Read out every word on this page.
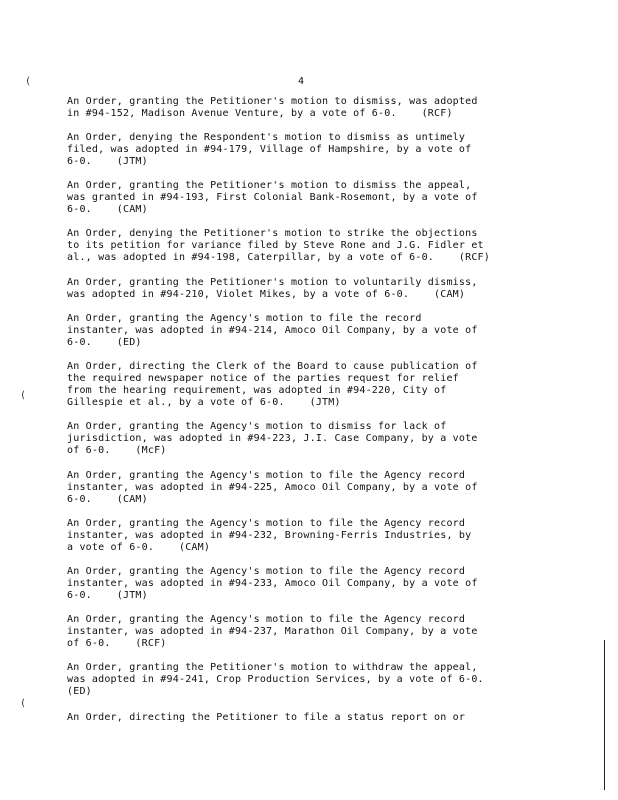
(
(
(
4
An Order, granting the Petitioner's motion to dismiss, was adopted
in #94-152, Madison Avenue Venture, by a vote of 6-0.    (RCF)
An Order, denying the Respondent's motion to dismiss as untimely
filed, was adopted in #94-179, Village of Hampshire, by a vote of
6-0.    (JTM)
An Order, granting the Petitioner's motion to dismiss the appeal,
was granted in #94-193, First Colonial Bank-Rosemont, by a vote of
6-0.    (CAM)
An Order, denying the Petitioner's motion to strike the objections
to its petition for variance filed by Steve Rone and J.G. Fidler et
al., was adopted in #94-198, Caterpillar, by a vote of 6-0.    (RCF)
An Order, granting the Petitioner's motion to voluntarily dismiss,
was adopted in #94-210, Violet Mikes, by a vote of 6-0.    (CAM)
An Order, granting the Agency's motion to file the record
instanter, was adopted in #94-214, Amoco Oil Company, by a vote of
6-0.    (ED)
An Order, directing the Clerk of the Board to cause publication of
the required newspaper notice of the parties request for relief
from the hearing requirement, was adopted in #94-220, City of
Gillespie et al., by a vote of 6-0.    (JTM)
An Order, granting the Agency's motion to dismiss for lack of
jurisdiction, was adopted in #94-223, J.I. Case Company, by a vote
of 6-0.    (McF)
An Order, granting the Agency's motion to file the Agency record
instanter, was adopted in #94-225, Amoco Oil Company, by a vote of
6-0.    (CAM)
An Order, granting the Agency's motion to file the Agency record
instanter, was adopted in #94-232, Browning-Ferris Industries, by
a vote of 6-0.    (CAM)
An Order, granting the Agency's motion to file the Agency record
instanter, was adopted in #94-233, Amoco Oil Company, by a vote of
6-0.    (JTM)
An Order, granting the Agency's motion to file the Agency record
instanter, was adopted in #94-237, Marathon Oil Company, by a vote
of 6-0.    (RCF)
An Order, granting the Petitioner's motion to withdraw the appeal,
was adopted in #94-241, Crop Production Services, by a vote of 6-0.
(ED)
An Order, directing the Petitioner to file a status report on or
